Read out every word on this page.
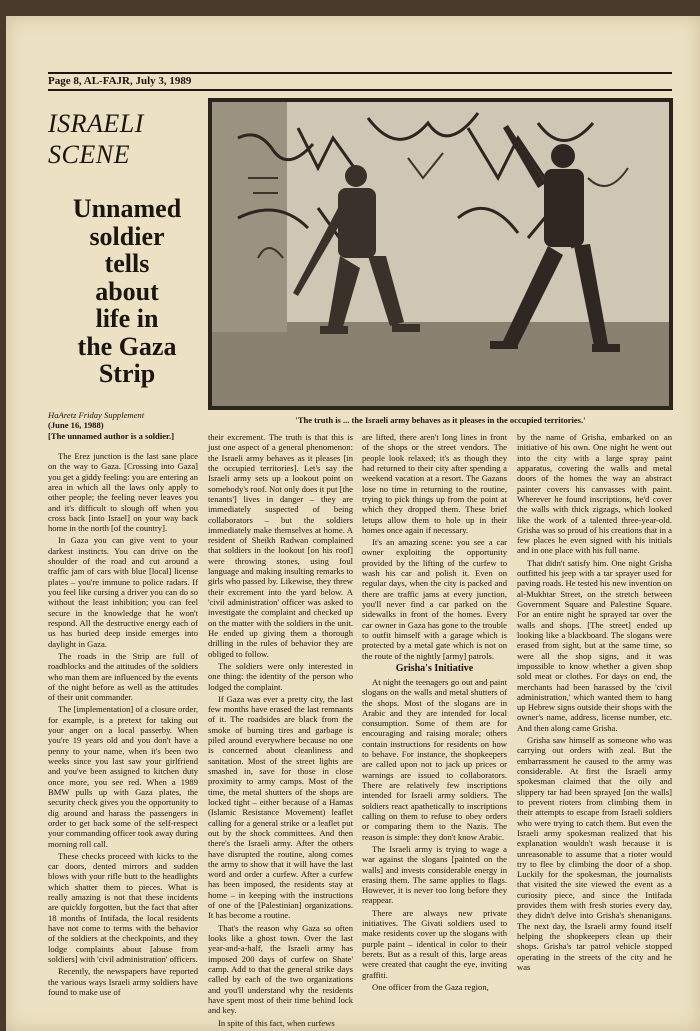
Page 8, AL-FAJR, July 3, 1989
ISRAELI
SCENE
Unnamed
soldier
tells
about
life in
the Gaza
Strip
'The truth is ... the Israeli army behaves as it pleases in the occupied territories.'
HaAretz Friday Supplement
(June 16, 1988)
[The unnamed author is a soldier.]

The Erez junction is the last sane place on the way to Gaza. [Crossing into Gaza] you get a giddy feeling: you are entering an area in which all the laws only apply to other people; the feeling never leaves you and it's difficult to slough off when you cross back [into Israel] on your way back home in the north [of the country].

In Gaza you can give vent to your darkest instincts. You can drive on the shoulder of the road and cut around a traffic jam of cars with blue [local] license plates – you're immune to police radars. If you feel like cursing a driver you can do so without the least inhibition; you can feel secure in the knowledge that he won't respond. All the destructive energy each of us has buried deep inside emerges into daylight in Gaza.

The roads in the Strip are full of roadblocks and the attitudes of the soldiers who man them are influenced by the events of the night before as well as the attitudes of their unit commander.

The [implementation] of a closure order, for example, is a pretext for taking out your anger on a local passerby. When you're 19 years old and you don't have a penny to your name, when it's been two weeks since you last saw your girlfriend and you've been assigned to kitchen duty once more, you see red. When a 1989 BMW pulls up with Gaza plates, the security check gives you the opportunity to dig around and harass the passengers in order to get back some of the self-respect your commanding officer took away during morning roll call.

These checks proceed with kicks to the car doors, dented mirrors and sudden blows with your rifle butt to the headlights which shatter them to pieces. What is really amazing is not that these incidents are quickly forgotten, but the fact that after 18 months of Intifada, the local residents have not come to terms with the behavior of the soldiers at the checkpoints, and they lodge complaints about [abuse from soldiers] with 'civil administration' officers.

Recently, the newspapers have reported the various ways Israeli army soldiers have found to make use of

their excrement. The truth is that this is just one aspect of a general phenomenon: the Israeli army behaves as it pleases [in the occupied territories]. Let's say the Israeli army sets up a lookout point on somebody's roof. Not only does it put [the tenants'] lives in danger – they are immediately suspected of being collaborators – but the soldiers immediately make themselves at home. A resident of Sheikh Radwan complained that soldiers in the lookout [on his roof] were throwing stones, using foul language and making insulting remarks to girls who passed by. Likewise, they threw their excrement into the yard below. A 'civil administration' officer was asked to investigate the complaint and checked up on the matter with the soldiers in the unit. He ended up giving them a thorough drilling in the rules of behavior they are obliged to follow.

The soldiers were only interested in one thing: the identity of the person who lodged the complaint.

If Gaza was ever a pretty city, the last few months have erased the last remnants of it. The roadsides are black from the smoke of burning tires and garbage is piled around everywhere because no one is concerned about cleanliness and sanitation. Most of the street lights are smashed in, save for those in close proximity to army camps. Most of the time, the metal shutters of the shops are locked tight – either because of a Hamas (Islamic Resistance Movement) leaflet calling for a general strike or a leaflet put out by the shock committees. And then there's the Israeli army. After the others have disrupted the routine, along comes the army to show that it will have the last word and order a curfew. After a curfew has been imposed, the residents stay at home – in keeping with the instructions of one of the [Palestinian] organizations. It has become a routine.

That's the reason why Gaza so often looks like a ghost town. Over the last year-and-a-half, the Israeli army has imposed 200 days of curfew on Shate' camp. Add to that the general strike days called by each of the two organizations and you'll understand why the residents have spent most of their time behind lock and key.

In spite of this fact, when curfews

are lifted, there aren't long lines in front of the shops or the street vendors. The people look relaxed; it's as though they had returned to their city after spending a weekend vacation at a resort. The Gazans lose no time in returning to the routine, trying to pick things up from the point at which they dropped them. These brief letups allow them to hole up in their homes once again if necessary.

It's an amazing scene: you see a car owner exploiting the opportunity provided by the lifting of the curfew to wash his car and polish it. Even on regular days, when the city is packed and there are traffic jams at every junction, you'll never find a car parked on the sidewalks in front of the homes. Every car owner in Gaza has gone to the trouble to outfit himself with a garage which is protected by a metal gate which is not on the route of the nightly [army] patrols.

Grisha's Initiative

At night the teenagers go out and paint slogans on the walls and metal shutters of the shops. Most of the slogans are in Arabic and they are intended for local consumption. Some of them are for encouraging and raising morale; others contain instructions for residents on how to behave. For instance, the shopkeepers are called upon not to jack up prices or warnings are issued to collaborators. There are relatively few inscriptions intended for Israeli army soldiers. The soldiers react apathetically to inscriptions calling on them to refuse to obey orders or comparing them to the Nazis. The reason is simple: they don't know Arabic.

The Israeli army is trying to wage a war against the slogans [painted on the walls] and invests considerable energy in erasing them. The same applies to flags. However, it is never too long before they reappear.

There are always new private initiatives. The Givati soldiers used to make residents cover up the slogans with purple paint – identical in color to their berets. But as a result of this, large areas were created that caught the eye, inviting graffiti.

One officer from the Gaza region,

by the name of Grisha, embarked on an initiative of his own. One night he went out into the city with a large spray paint apparatus, covering the walls and metal doors of the homes the way an abstract painter covers his canvasses with paint. Wherever he found inscriptions, he'd cover the walls with thick zigzags, which looked like the work of a talented three-year-old. Grisha was so proud of his creations that in a few places he even signed with his initials and in one place with his full name.

That didn't satisfy him. One night Grisha outfitted his jeep with a tar sprayer used for paving roads. He tested his new invention on al-Mukhtar Street, on the stretch between Government Square and Palestine Square. For an entire night he sprayed tar over the walls and shops. [The street] ended up looking like a blackboard. The slogans were erased from sight, but at the same time, so were all the shop signs, and it was impossible to know whether a given shop sold meat or clothes. For days on end, the merchants had been harassed by the 'civil administration,' which wanted them to hang up Hebrew signs outside their shops with the owner's name, address, license number, etc. And then along came Grisha.

Grisha saw himself as someone who was carrying out orders with zeal. But the embarrassment he caused to the army was considerable. At first the Israeli army spokesman claimed that the oily and slippery tar had been sprayed [on the walls] to prevent rioters from climbing them in their attempts to escape from Israeli soldiers who were trying to catch them. But even the Israeli army spokesman realized that his explanation wouldn't wash because it is unreasonable to assume that a rioter would try to flee by climbing the door of a shop. Luckily for the spokesman, the journalists that visited the site viewed the event as a curiosity piece, and since the Intifada provides them with fresh stories every day, they didn't delve into Grisha's shenanigans. The next day, the Israeli army found itself helping the shopkeepers clean up their shops. Grisha's tar patrol vehicle stopped operating in the streets of the city and he was
